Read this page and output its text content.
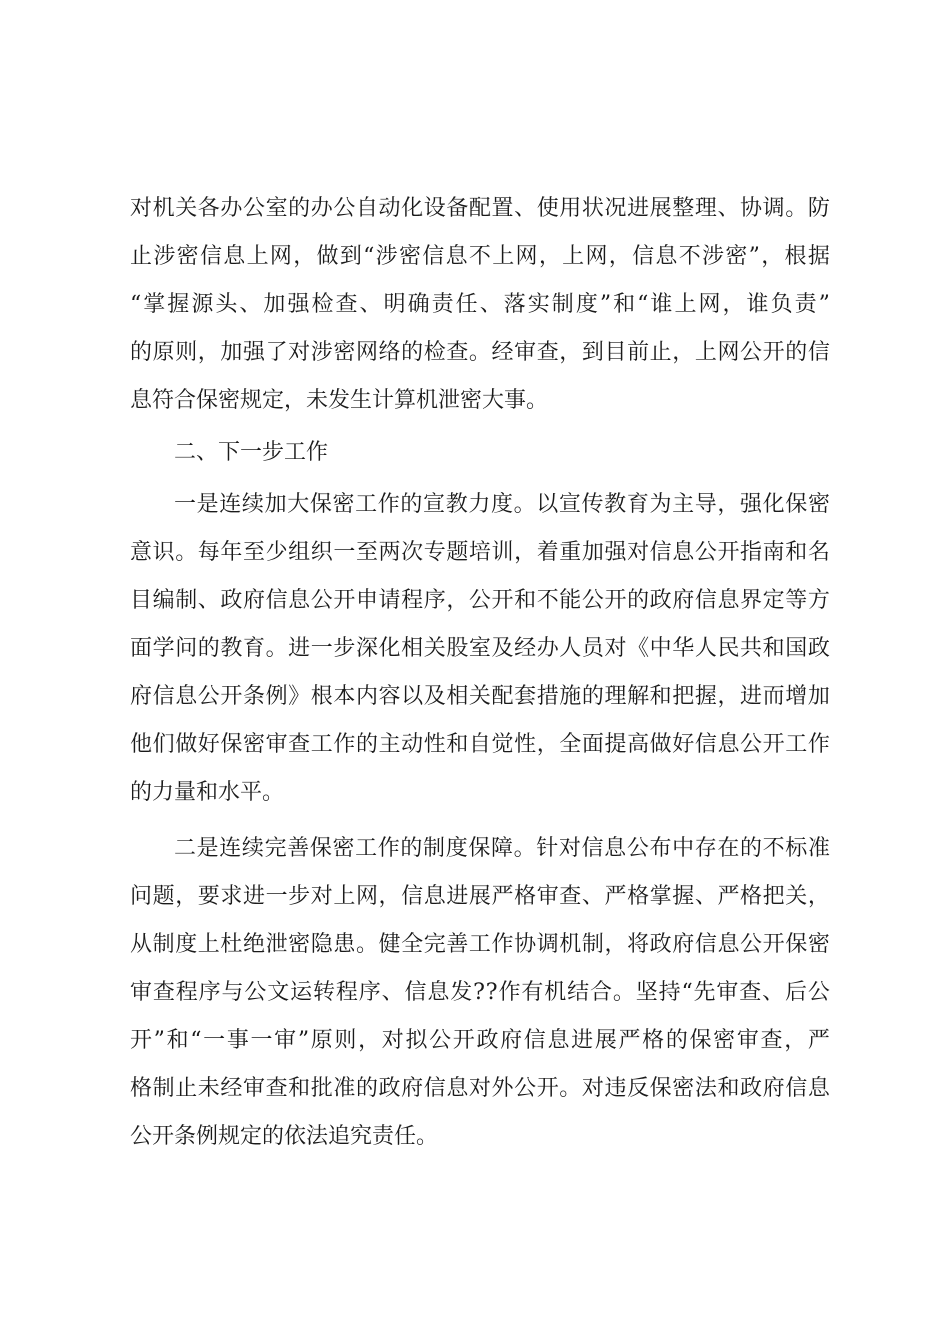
对 机 关 各 办 公 室 的 办 公 自 动 化 设 备 配 置 、 使 用 状 况 进 展 整 理 、 协 调 。 防
止 涉 密 信 息 上 网 ， 做 到 “ 涉 密 信 息 不 上 网 ， 上 网 ， 信 息 不 涉 密 ” ， 根 据
“ 掌 握 源 头 、 加 强 检 查 、 明 确 责 任 、 落 实 制 度 ” 和 “ 谁 上 网 ， 谁 负 责 ”
的 原 则 ， 加 强 了 对 涉 密 网 络 的 检 查 。 经 审 查 ， 到 目 前 止 ， 上 网 公 开 的 信
息符合保密规定，未发生计算机泄密大事。
二、下一步工作
一 是 连 续 加 大 保 密 工 作 的 宣 教 力 度 。 以 宣 传 教 育 为 主 导 ， 强 化 保 密
意 识 。 每 年 至 少 组 织 一 至 两 次 专 题 培 训 ， 着 重 加 强 对 信 息 公 开 指 南 和 名
目 编 制 、 政 府 信 息 公 开 申 请 程 序 ， 公 开 和 不 能 公 开 的 政 府 信 息 界 定 等 方
面 学 问 的 教 育 。 进 一 步 深 化 相 关 股 室 及 经 办 人 员 对 《 中 华 人 民 共 和 国 政
府 信 息 公 开 条 例 》 根 本 内 容 以 及 相 关 配 套 措 施 的 理 解 和 把 握 ， 进 而 增 加
他 们 做 好 保 密 审 查 工 作 的 主 动 性 和 自 觉 性 ， 全 面 提 高 做 好 信 息 公 开 工 作
的力量和水平。
二 是 连 续 完 善 保 密 工 作 的 制 度 保 障 。 针 对 信 息 公 布 中 存 在 的 不 标 准
问 题 ， 要 求 进 一 步 对 上 网 ， 信 息 进 展 严 格 审 查 、 严 格 掌 握 、 严 格 把 关 ，
从 制 度 上 杜 绝 泄 密 隐 患 。 健 全 完 善 工 作 协 调 机 制 ， 将 政 府 信 息 公 开 保 密
审 查 程 序 与 公 文 运 转 程 序 、 信 息 发 ? ? 作 有 机 结 合 。 坚 持 “ 先 审 查 、 后 公
开 ” 和 “ 一 事 一 审 ” 原 则 ， 对 拟 公 开 政 府 信 息 进 展 严 格 的 保 密 审 查 ， 严
格 制 止 未 经 审 查 和 批 准 的 政 府 信 息 对 外 公 开 。 对 违 反 保 密 法 和 政 府 信 息
公开条例规定的依法追究责任。
